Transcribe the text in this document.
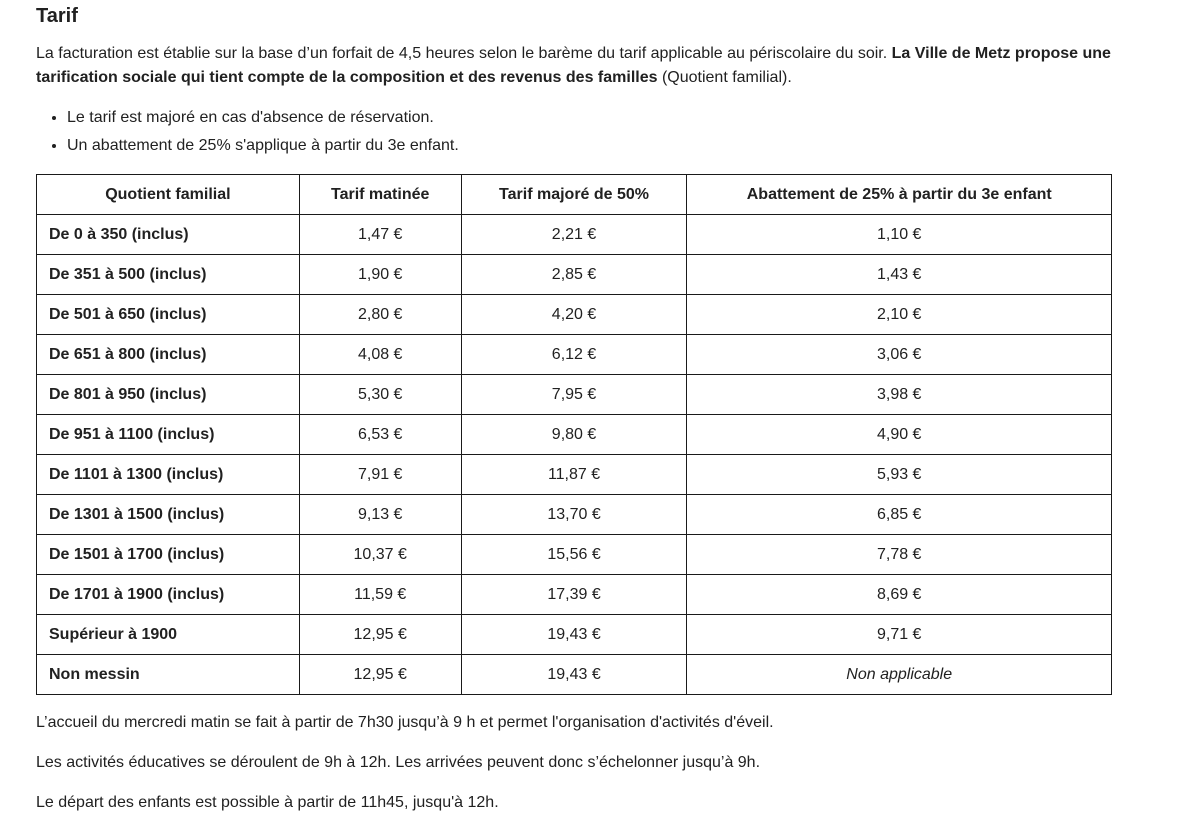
Tarif

La facturation est établie sur la base d’un forfait de 4,5 heures selon le barème du tarif applicable au périscolaire du soir. La Ville de Metz propose une tarification sociale qui tient compte de la composition et des revenus des familles (Quotient familial).

• Le tarif est majoré en cas d'absence de réservation.
• Un abattement de 25% s'applique à partir du 3e enfant.
Quotient familial	Tarif matinée	Tarif majoré de 50%	Abattement de 25% à partir du 3e enfant
De 0 à 350 (inclus)	1,47 €	2,21 €	1,10 €
De 351 à 500 (inclus)	1,90 €	2,85 €	1,43 €
De 501 à 650 (inclus)	2,80 €	4,20 €	2,10 €
De 651 à 800 (inclus)	4,08 €	6,12 €	3,06 €
De 801 à 950 (inclus)	5,30 €	7,95 €	3,98 €
De 951 à 1100 (inclus)	6,53 €	9,80 €	4,90 €
De 1101 à 1300 (inclus)	7,91 €	11,87 €	5,93 €
De 1301 à 1500 (inclus)	9,13 €	13,70 €	6,85 €
De 1501 à 1700 (inclus)	10,37 €	15,56 €	7,78 €
De 1701 à 1900 (inclus)	11,59 €	17,39 €	8,69 €
Supérieur à 1900	12,95 €	19,43 €	9,71 €
Non messin	12,95 €	19,43 €	Non applicable

L’accueil du mercredi matin se fait à partir de 7h30 jusqu’à 9 h et permet l'organisation d'activités d'éveil.

Les activités éducatives se déroulent de 9h à 12h. Les arrivées peuvent donc s’échelonner jusqu’à 9h.

Le départ des enfants est possible à partir de 11h45, jusqu'à 12h.
